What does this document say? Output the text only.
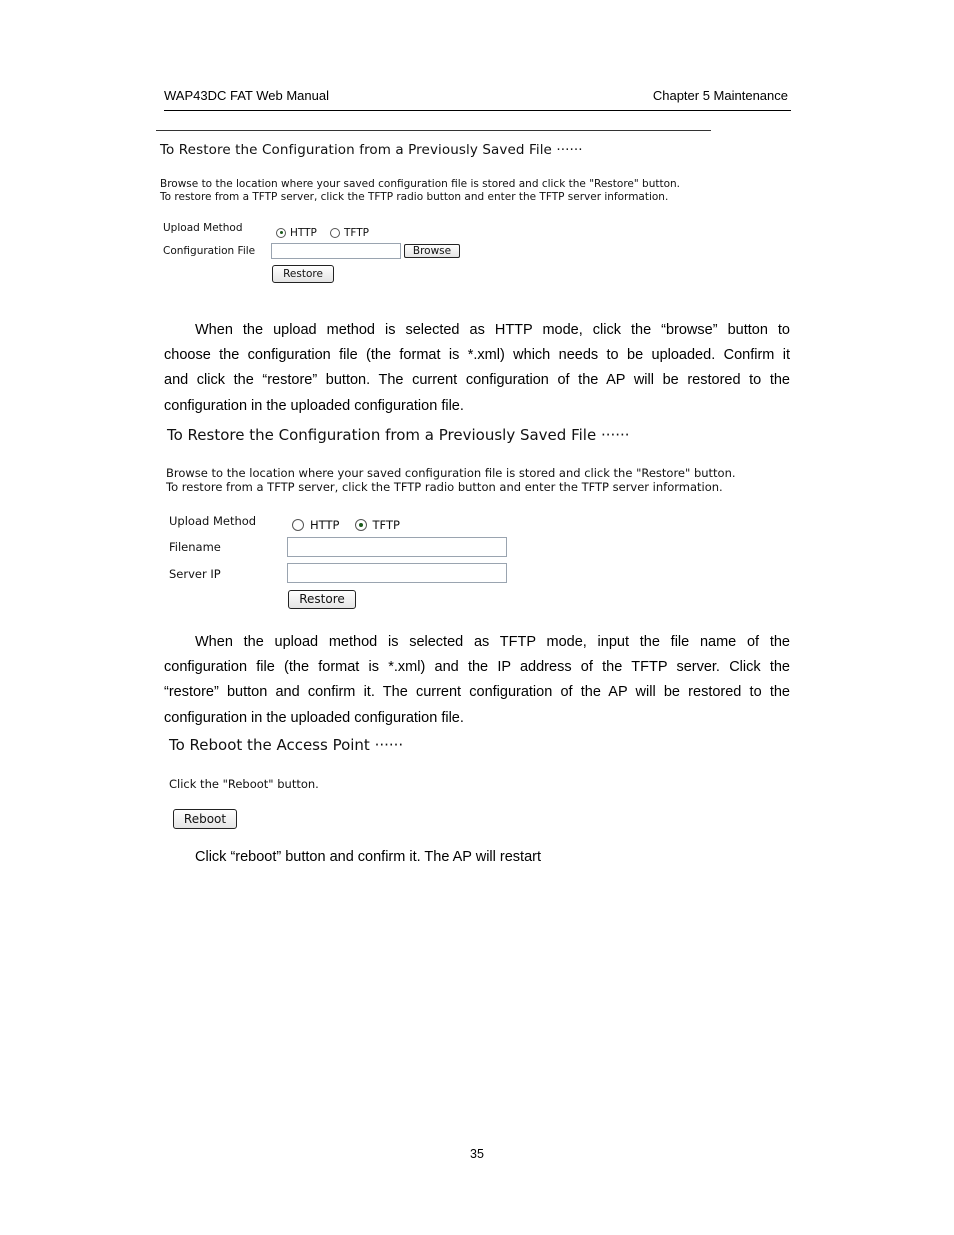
WAP43DC FAT Web Manual	Chapter 5 Maintenance
To Restore the Configuration from a Previously Saved File ······
Browse to the location where your saved configuration file is stored and click the "Restore" button.
To restore from a TFTP server, click the TFTP radio button and enter the TFTP server information.
Upload Method	HTTP	TFTP
Configuration File	Browse
Restore
When the upload method is selected as HTTP mode, click the “browse” button to
choose the configuration file (the format is *.xml) which needs to be uploaded. Confirm it
and click the “restore” button. The current configuration of the AP will be restored to the
configuration in the uploaded configuration file.
To Restore the Configuration from a Previously Saved File ······
Browse to the location where your saved configuration file is stored and click the "Restore" button.
To restore from a TFTP server, click the TFTP radio button and enter the TFTP server information.
Upload Method	HTTP	TFTP
Filename
Server IP
Restore
When the upload method is selected as TFTP mode, input the file name of the
configuration file (the format is *.xml) and the IP address of the TFTP server. Click the
“restore” button and confirm it. The current configuration of the AP will be restored to the
configuration in the uploaded configuration file.
To Reboot the Access Point ······
Click the "Reboot" button.
Reboot
Click “reboot” button and confirm it. The AP will restart
35
